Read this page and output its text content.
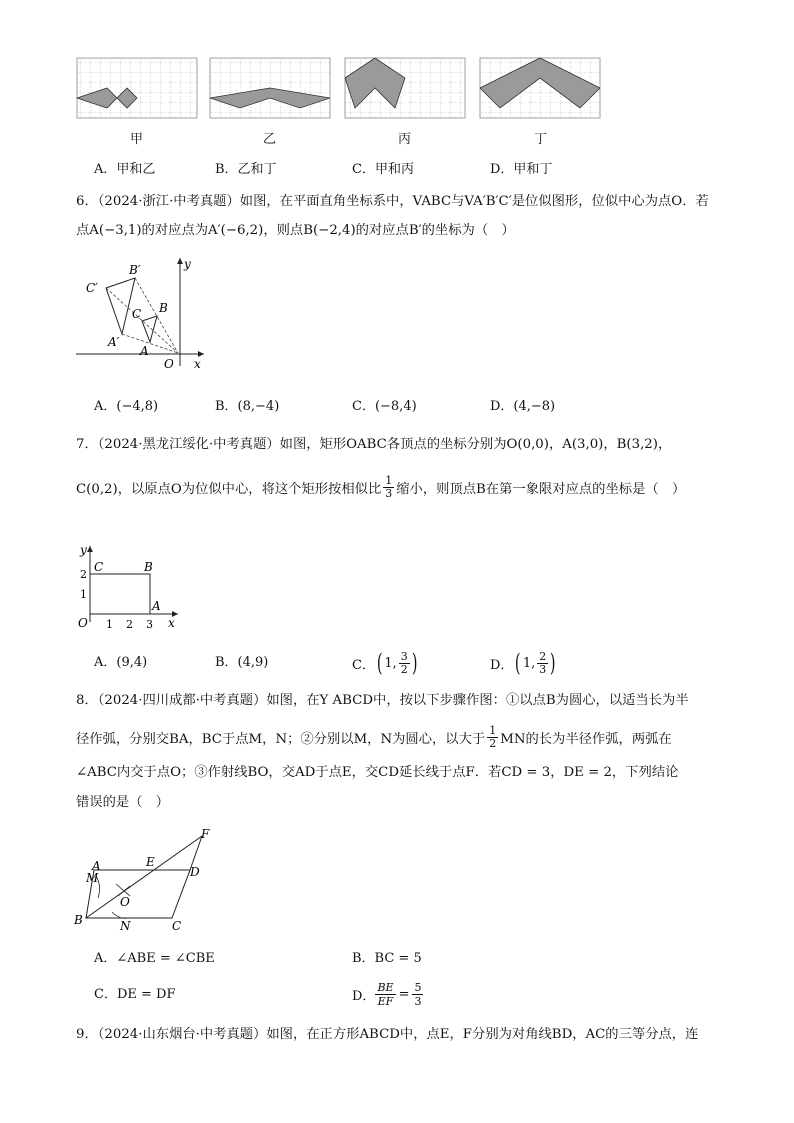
甲	乙	丙	丁
A．甲和乙	B．乙和丁	C．甲和丙	D．甲和丁
6．（2024·浙江·中考真题）如图，在平面直角坐标系中，VABC与VA′B′C′是位似图形，位似中心为点O．若
点A(−3,1)的对应点为A′(−6,2)，则点B(−2,4)的对应点B′的坐标为（　）
B′
C′
A′
B
C
A
O x
y
A．(−4,8)	B．(8,−4)	C．(−8,4)	D．(4,−8)
7．（2024·黑龙江绥化·中考真题）如图，矩形OABC各顶点的坐标分别为O(0,0)，A(3,0)，B(3,2)，
C(0,2)，以原点O为位似中心，将这个矩形按相似比 $\frac{1}{3}$ 缩小，则顶点B在第一象限对应点的坐标是（　）
y
C	B
A
O	x
1 2 3
1
2
A．(9,4)	B．(4,9)	C． ( 1 , $\frac{3}{2}$ )	D． ( 1 , $\frac{2}{3}$ )
8．（2024·四川成都·中考真题）如图，在Y ABCD中，按以下步骤作图：①以点B为圆心，以适当长为半
径作弧，分别交BA，BC于点M，N；②分别以M，N为圆心，以大于 $\frac{1}{2}$ MN的长为半径作弧，两弧在
∠ABC内交于点O；③作射线BO，交AD于点E，交CD延长线于点F．若CD = 3，DE = 2，下列结论
错误的是（　）
F
A	E
D
M
O
B	N	C
A．∠ABE = ∠CBE	B．BC = 5
C．DE = DF	D． $\frac{BE}{EF} = \frac{5}{3}$
9．（2024·山东烟台·中考真题）如图，在正方形ABCD中，点E，F分别为对角线BD，AC的三等分点，连
